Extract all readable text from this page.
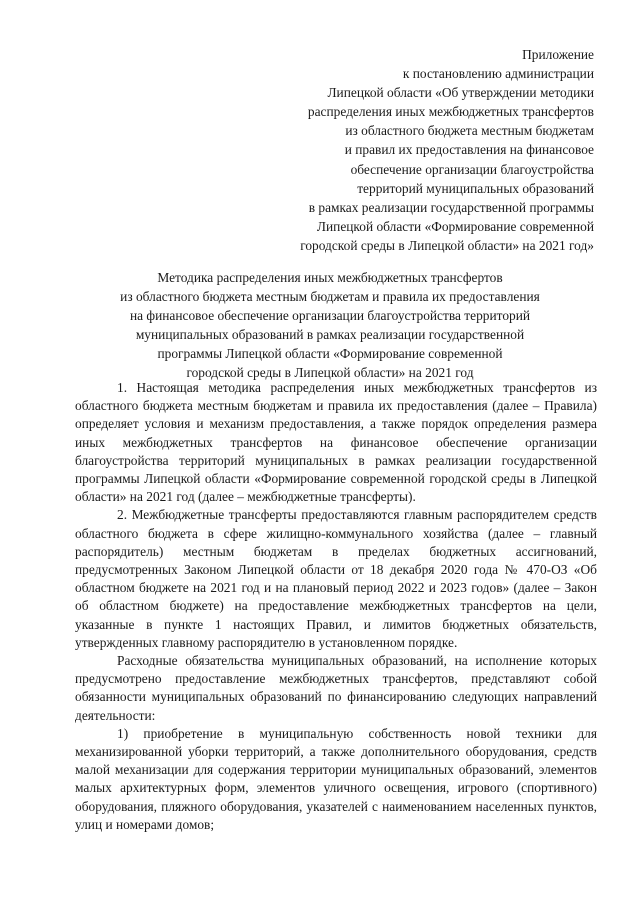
Приложение
к постановлению администрации
Липецкой области «Об утверждении методики
распределения иных межбюджетных трансфертов
из областного бюджета местным бюджетам
и правил их предоставления на финансовое
обеспечение организации благоустройства
территорий муниципальных образований
в рамках реализации государственной программы
Липецкой области «Формирование современной
городской среды в Липецкой области» на 2021 год»
Методика распределения иных межбюджетных трансфертов
из областного бюджета местным бюджетам и правила их предоставления
на финансовое обеспечение организации благоустройства территорий
муниципальных образований в рамках реализации государственной
программы Липецкой области «Формирование современной
городской среды в Липецкой области» на 2021 год

1. Настоящая методика распределения иных межбюджетных трансфертов из областного бюджета местным бюджетам и правила их предоставления (далее – Правила) определяет условия и механизм предоставления, а также порядок определения размера иных межбюджетных трансфертов на финансовое обеспечение организации благоустройства территорий муниципальных в рамках реализации государственной программы Липецкой области «Формирование современной городской среды в Липецкой области» на 2021 год (далее – межбюджетные трансферты).

2. Межбюджетные трансферты предоставляются главным распорядителем средств областного бюджета в сфере жилищно-коммунального хозяйства (далее – главный распорядитель) местным бюджетам в пределах бюджетных ассигнований, предусмотренных Законом Липецкой области от 18 декабря 2020 года № 470-ОЗ «Об областном бюджете на 2021 год и на плановый период 2022 и 2023 годов» (далее – Закон об областном бюджете) на предоставление межбюджетных трансфертов на цели, указанные в пункте 1 настоящих Правил, и лимитов бюджетных обязательств, утвержденных главному распорядителю в установленном порядке.

Расходные обязательства муниципальных образований, на исполнение которых предусмотрено предоставление межбюджетных трансфертов, представляют собой обязанности муниципальных образований по финансированию следующих направлений деятельности:

1) приобретение в муниципальную собственность новой техники для механизированной уборки территорий, а также дополнительного оборудования, средств малой механизации для содержания территории муниципальных образований, элементов малых архитектурных форм, элементов уличного освещения, игрового (спортивного) оборудования, пляжного оборудования, указателей с наименованием населенных пунктов, улиц и номерами домов;
